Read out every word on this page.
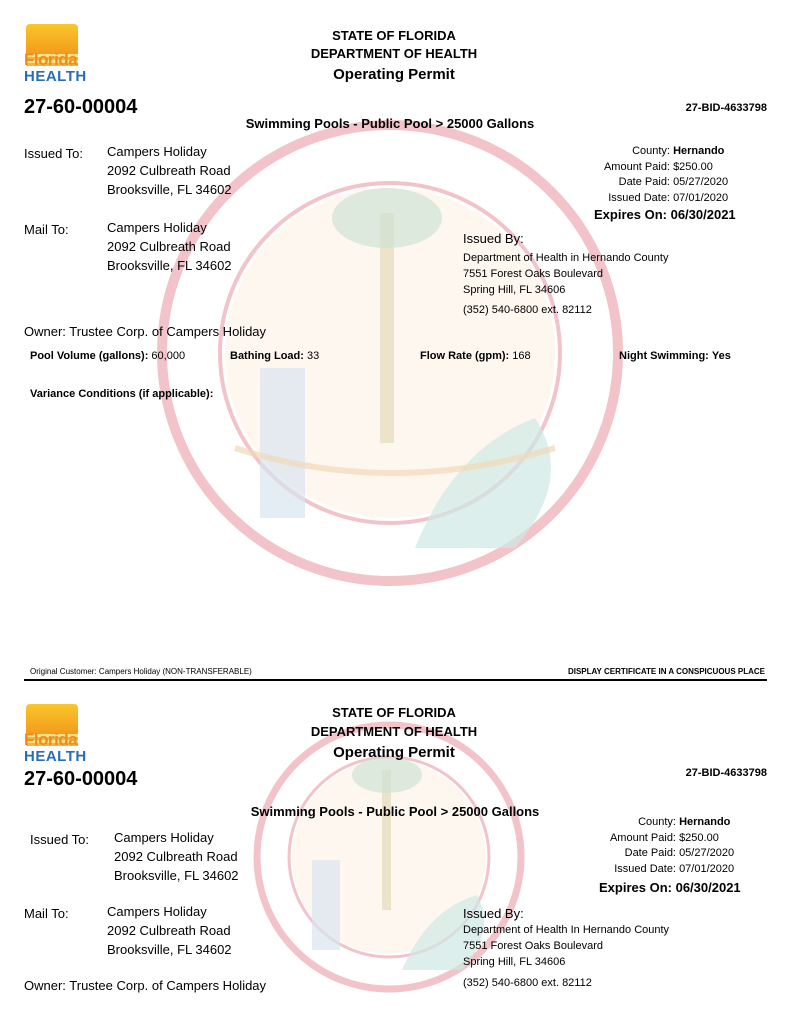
Florida
HEALTH
STATE OF FLORIDA
DEPARTMENT OF HEALTH
Operating Permit
27-60-00004	27-BID-4633798
Swimming Pools - Public Pool > 25000 Gallons
Issued To: Campers Holiday
2092 Culbreath Road
Brooksville, FL 34602
County: Hernando
Amount Paid: $250.00
Date Paid: 05/27/2020
Issued Date: 07/01/2020
Expires On: 06/30/2021
Mail To:	Campers Holiday
2092 Culbreath Road
Brooksville, FL 34602
Issued By:
Department of Health in Hernando County
7551 Forest Oaks Boulevard
Spring Hill, FL 34606
(352) 540-6800 ext. 82112
Owner: Trustee Corp. of Campers Holiday
Pool Volume (gallons): 60,000	Bathing Load: 33	Flow Rate (gpm): 168	Night Swimming: Yes
Variance Conditions (if applicable):
Original Customer: Campers Holiday (NON-TRANSFERABLE)	DISPLAY CERTIFICATE IN A CONSPICUOUS PLACE
Florida
HEALTH
STATE OF FLORIDA
DEPARTMENT OF HEALTH
Operating Permit
27-60-00004	27-BID-4633798
Swimming Pools - Public Pool > 25000 Gallons
Issued To: Campers Holiday
2092 Culbreath Road
Brooksville, FL 34602
County: Hernando
Amount Paid: $250.00
Date Paid: 05/27/2020
Issued Date: 07/01/2020
Expires On: 06/30/2021
Mail To:	Campers Holiday
2092 Culbreath Road
Brooksville, FL 34602
Issued By:
Department of Health In Hernando County
7551 Forest Oaks Boulevard
Spring Hill, FL 34606
(352) 540-6800 ext. 82112
Owner: Trustee Corp. of Campers Holiday
